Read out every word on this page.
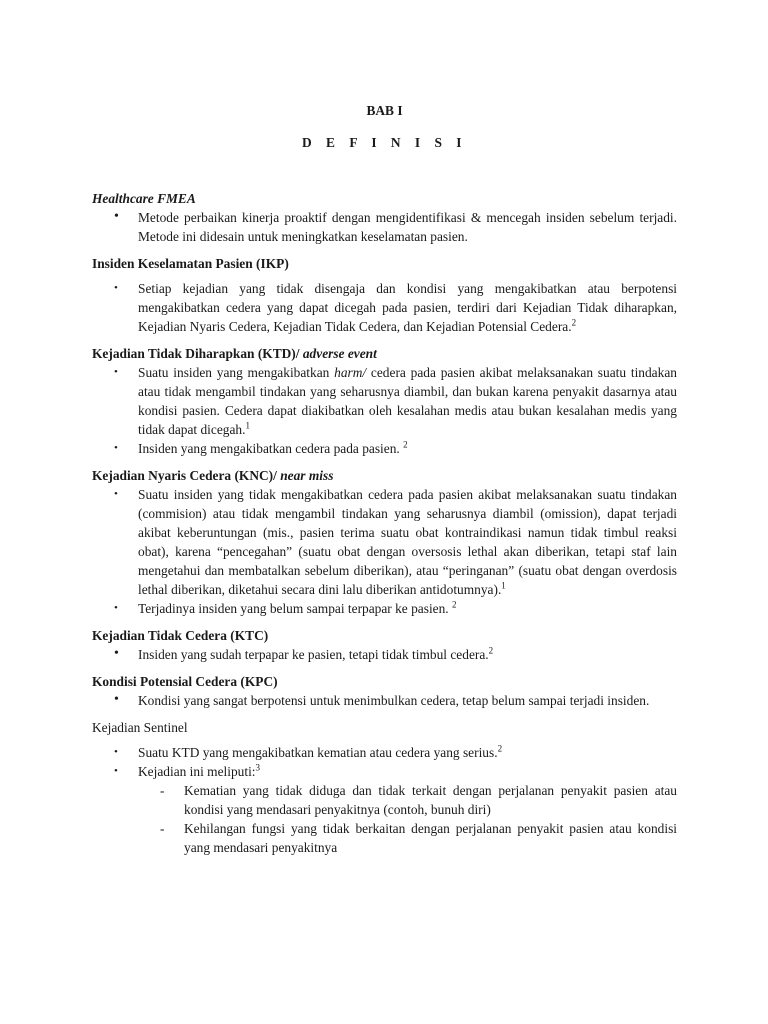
BAB I
D E F I N I S I

Healthcare FMEA

• Metode perbaikan kinerja proaktif dengan mengidentifikasi & mencegah insiden sebelum terjadi. Metode ini didesain untuk meningkatkan keselamatan pasien.

Insiden Keselamatan Pasien (IKP)

• Setiap kejadian yang tidak disengaja dan kondisi yang mengakibatkan atau berpotensi mengakibatkan cedera yang dapat dicegah pada pasien, terdiri dari Kejadian Tidak diharapkan, Kejadian Nyaris Cedera, Kejadian Tidak Cedera, dan Kejadian Potensial Cedera.$^2$

Kejadian Tidak Diharapkan (KTD)/ adverse event

• Suatu insiden yang mengakibatkan harm/ cedera pada pasien akibat melaksanakan suatu tindakan atau tidak mengambil tindakan yang seharusnya diambil, dan bukan karena penyakit dasarnya atau kondisi pasien. Cedera dapat diakibatkan oleh kesalahan medis atau bukan kesalahan medis yang tidak dapat dicegah.$^1$
• Insiden yang mengakibatkan cedera pada pasien. $^2$

Kejadian Nyaris Cedera (KNC)/ near miss

• Suatu insiden yang tidak mengakibatkan cedera pada pasien akibat melaksanakan suatu tindakan (commision) atau tidak mengambil tindakan yang seharusnya diambil (omission), dapat terjadi akibat keberuntungan (mis., pasien terima suatu obat kontraindikasi namun tidak timbul reaksi obat), karena “pencegahan” (suatu obat dengan oversosis lethal akan diberikan, tetapi staf lain mengetahui dan membatalkan sebelum diberikan), atau “peringanan” (suatu obat dengan overdosis lethal diberikan, diketahui secara dini lalu diberikan antidotumnya).$^1$
• Terjadinya insiden yang belum sampai terpapar ke pasien. $^2$

Kejadian Tidak Cedera (KTC)

• Insiden yang sudah terpapar ke pasien, tetapi tidak timbul cedera.$^2$

Kondisi Potensial Cedera (KPC)

• Kondisi yang sangat berpotensi untuk menimbulkan cedera, tetap belum sampai terjadi insiden.

Kejadian Sentinel

• Suatu KTD yang mengakibatkan kematian atau cedera yang serius.$^2$
• Kejadian ini meliputi:$^3$
- Kematian yang tidak diduga dan tidak terkait dengan perjalanan penyakit pasien atau kondisi yang mendasari penyakitnya (contoh, bunuh diri)
- Kehilangan fungsi yang tidak berkaitan dengan perjalanan penyakit pasien atau kondisi yang mendasari penyakitnya
